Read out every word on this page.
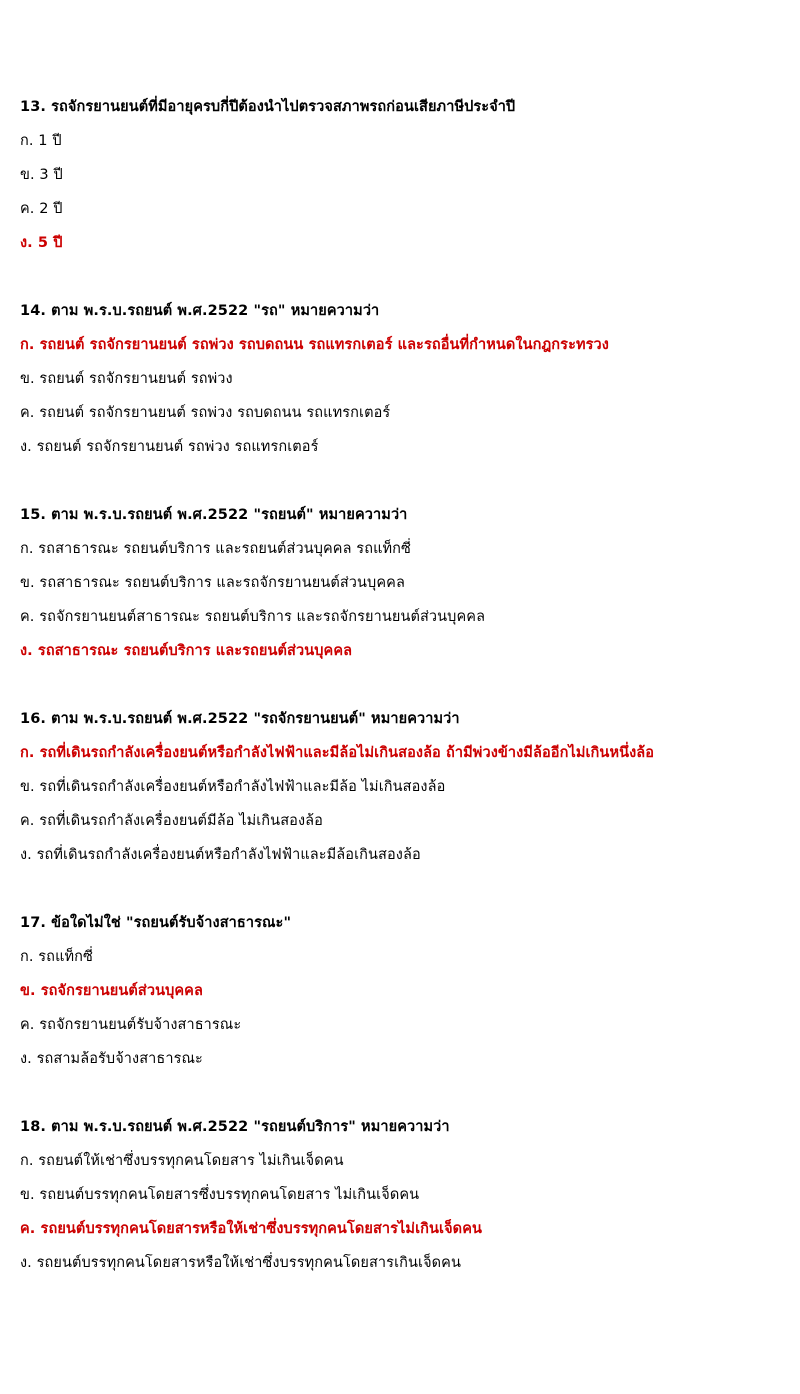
13. รถจักรยานยนต์ที่มีอายุครบกี่ปีต้องนำไปตรวจสภาพรถก่อนเสียภาษีประจำปี
ก. 1 ปี
ข. 3 ปี
ค. 2 ปี
ง. 5 ปี
14. ตาม พ.ร.บ.รถยนต์ พ.ศ.2522 "รถ" หมายความว่า
ก. รถยนต์ รถจักรยานยนต์ รถพ่วง รถบดถนน รถแทรกเตอร์ และรถอื่นที่กำหนดในกฎกระทรวง
ข. รถยนต์ รถจักรยานยนต์ รถพ่วง
ค. รถยนต์ รถจักรยานยนต์ รถพ่วง รถบดถนน รถแทรกเตอร์
ง. รถยนต์ รถจักรยานยนต์ รถพ่วง รถแทรกเตอร์
15. ตาม พ.ร.บ.รถยนต์ พ.ศ.2522 "รถยนต์" หมายความว่า
ก. รถสาธารณะ รถยนต์บริการ และรถยนต์ส่วนบุคคล รถแท็กซี่
ข. รถสาธารณะ รถยนต์บริการ และรถจักรยานยนต์ส่วนบุคคล
ค. รถจักรยานยนต์สาธารณะ รถยนต์บริการ และรถจักรยานยนต์ส่วนบุคคล
ง. รถสาธารณะ รถยนต์บริการ และรถยนต์ส่วนบุคคล
16. ตาม พ.ร.บ.รถยนต์ พ.ศ.2522 "รถจักรยานยนต์" หมายความว่า
ก. รถที่เดินรถกำลังเครื่องยนต์หรือกำลังไฟฟ้าและมีล้อไม่เกินสองล้อ ถ้ามีพ่วงข้างมีล้ออีกไม่เกินหนึ่งล้อ
ข. รถที่เดินรถกำลังเครื่องยนต์หรือกำลังไฟฟ้าและมีล้อ ไม่เกินสองล้อ
ค. รถที่เดินรถกำลังเครื่องยนต์มีล้อ ไม่เกินสองล้อ
ง. รถที่เดินรถกำลังเครื่องยนต์หรือกำลังไฟฟ้าและมีล้อเกินสองล้อ
17. ข้อใดไม่ใช่ "รถยนต์รับจ้างสาธารณะ"
ก. รถแท็กซี่
ข. รถจักรยานยนต์ส่วนบุคคล
ค. รถจักรยานยนต์รับจ้างสาธารณะ
ง. รถสามล้อรับจ้างสาธารณะ
18. ตาม พ.ร.บ.รถยนต์ พ.ศ.2522 "รถยนต์บริการ" หมายความว่า
ก. รถยนต์ให้เช่าซึ่งบรรทุกคนโดยสาร ไม่เกินเจ็ดคน
ข. รถยนต์บรรทุกคนโดยสารซึ่งบรรทุกคนโดยสาร ไม่เกินเจ็ดคน
ค. รถยนต์บรรทุกคนโดยสารหรือให้เช่าซึ่งบรรทุกคนโดยสารไม่เกินเจ็ดคน
ง. รถยนต์บรรทุกคนโดยสารหรือให้เช่าซึ่งบรรทุกคนโดยสารเกินเจ็ดคน
